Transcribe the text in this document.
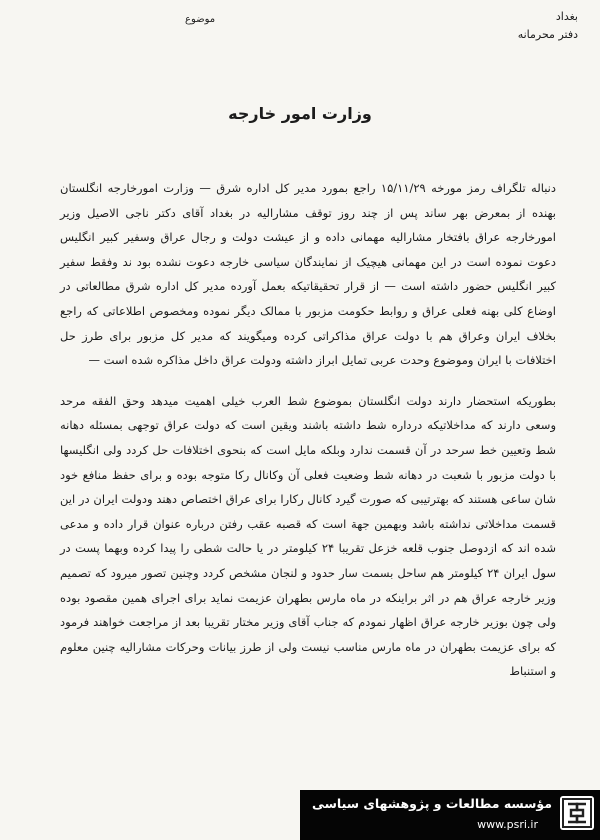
بغداد
دفتر محرمانه
موضوع
وزارت امور خارجه

دنباله تلگراف رمز مورخه ۱۵/۱۱/۲۹ راجع بمورد مدیر کل اداره شرق — وزارت امورخارجه انگلستان بهنده از بمعرض بهر ساند پس از چند روز توقف مشارالیه در بغداد آقای دکتر ناجی الاصیل وزیر امورخارجه عراق بافتخار مشارالیه مهمانی داده و از عیشت دولت و رجال عراق وسفیر کبیر انگلیس دعوت نموده است در این مهمانی هیچیک از نمایندگان سیاسی خارجه دعوت نشده بود ند وفقط سفیر کبیر انگلیس حضور داشته است — از قرار تحقیقاتیکه بعمل آورده مدیر کل اداره شرق مطالعاتی در اوضاع کلی بهنه فعلی عراق و روابط حکومت مزبور با ممالک دیگر نموده ومخصوص اطلاعاتی که راجع بخلاف ایران وعراق هم با دولت عراق مذاکراتی کرده ومیگویند که مدیر کل مزبور برای طرز حل اختلافات با ایران وموضوع وحدت عربی تمایل ابراز داشته ودولت عراق داخل مذاکره شده است —

بطوریکه استحضار دارند دولت انگلستان بموضوع شط العرب خیلی اهمیت میدهد وحق الفقه مرحد وسعی دارند که مداخلاتیکه درداره شط داشته باشند ویقین است که دولت عراق توجهی بمسئله دهانه شط وتعیین خط سرحد در آن قسمت ندارد وبلکه مایل است که بنحوی اختلافات حل کردد ولی انگلیسها با دولت مزبور با شعبت در دهانه شط وضعیت فعلی آن وکانال رکا متوجه بوده و برای حفظ منافع خود شان ساعی هستند که بهترتیبی که صورت گیرد کانال رکارا برای عراق اختصاص دهند ودولت ایران در این قسمت مداخلاتی نداشته باشد وبهمین جهة است که قصبه عقب رفتن درباره عنوان قرار داده و مدعی شده اند که ازدوصل جنوب قلعه خزعل تقریبا ۲۴ کیلومتر در یا حالت شطی را پیدا کرده وبهما پست در سول ایران ۲۴ کیلومتر هم ساحل بسمت سار حدود و لنجان مشخص کردد وچنین تصور میرود که تصمیم وزیر خارجه عراق هم در اثر براینکه در ماه مارس بطهران عزیمت نماید برای اجرای همین مقصود بوده ولی چون بوزیر خارجه عراق اظهار نمودم که جناب آقای وزیر مختار تقریبا بعد از مراجعت خواهند فرمود که برای عزیمت بطهران در ماه مارس مناسب نیست ولی از طرز بیانات وحرکات مشارالیه چنین معلوم و استنباط

مؤسسه مطالعات و پژوهشهای سیاسی
www.psri.ir
